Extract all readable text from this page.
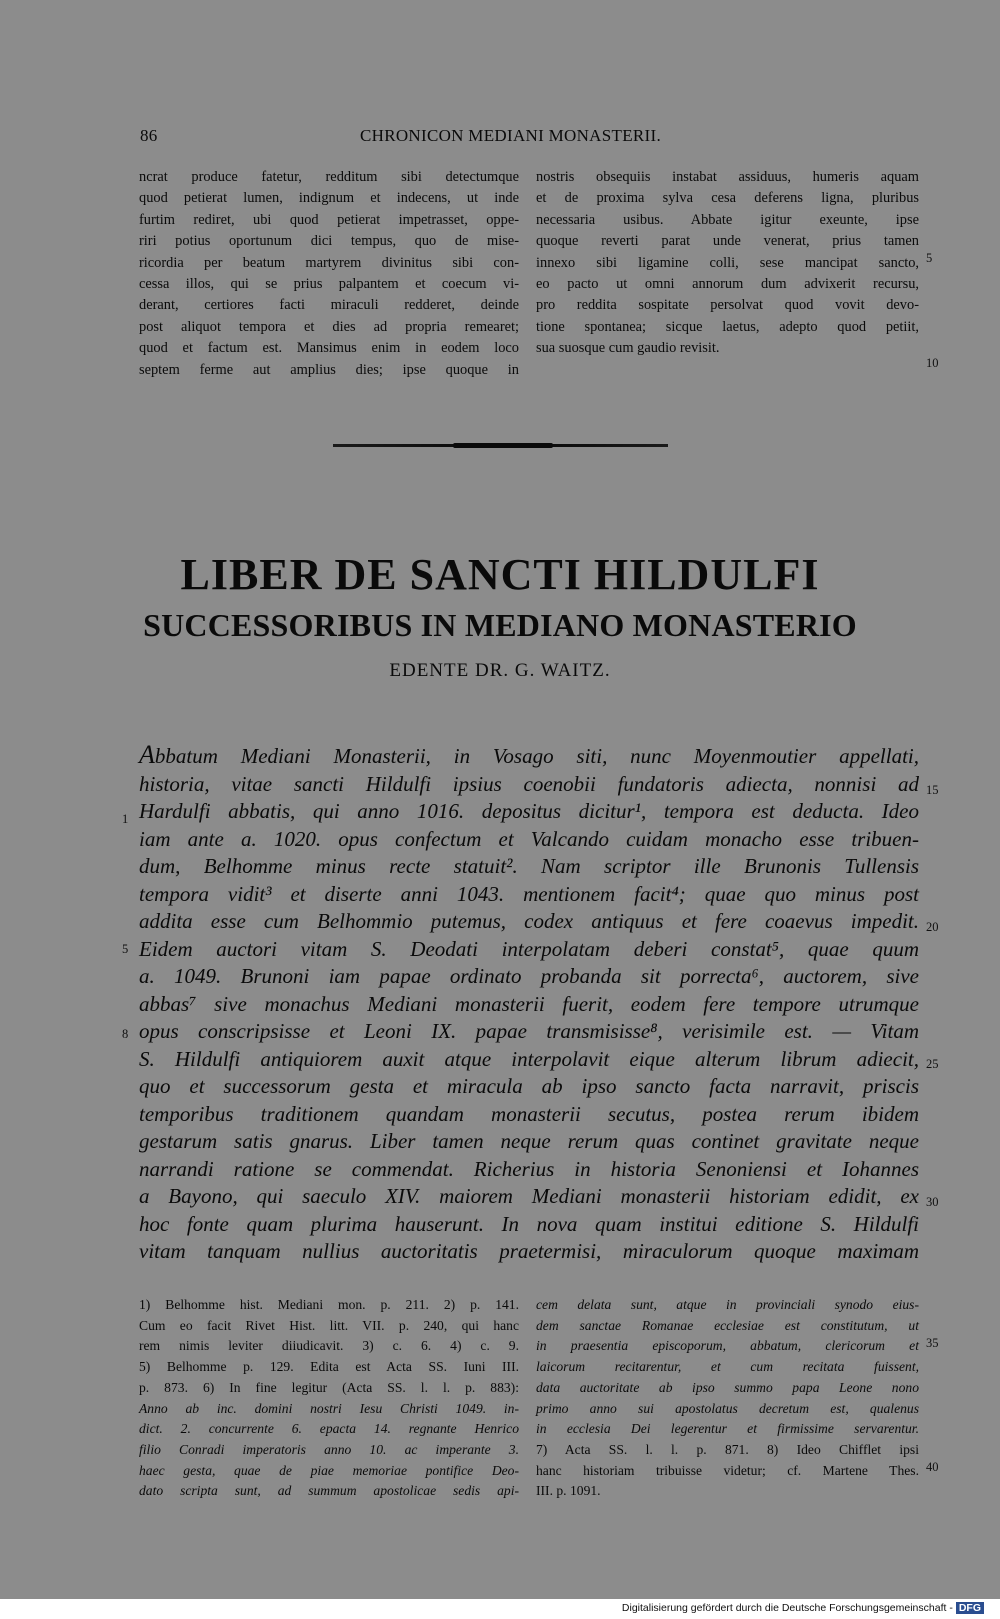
86	CHRONICON MEDIANI MONASTERII.
ncrat produce fatetur, redditum sibi detectumque
quod petierat lumen, indignum et indecens, ut inde
furtim rediret, ubi quod petierat impetrasset, oppe-
riri potius oportunum dici tempus, quo de mise-
ricordia per beatum martyrem divinitus sibi con-
cessa illos, qui se prius palpantem et coecum vi-
derant, certiores facti miraculi redderet, deinde
post aliquot tempora et dies ad propria remearet;
quod et factum est. Mansimus enim in eodem loco
septem ferme aut amplius dies; ipse quoque in
nostris obsequiis instabat assiduus, humeris aquam
et de proxima sylva cesa deferens ligna, pluribus
necessaria usibus. Abbate igitur exeunte, ipse
quoque reverti parat unde venerat, prius tamen
innexo sibi ligamine colli, sese mancipat sancto,
eo pacto ut omni annorum dum advixerit recursu,
pro reddita sospitate persolvat quod vovit devo-
tione spontanea; sicque laetus, adepto quod petiit,
sua suosque cum gaudio revisit.
5
10
LIBER DE SANCTI HILDULFI
SUCCESSORIBUS IN MEDIANO MONASTERIO
EDENTE DR. G. WAITZ.
Abbatum Mediani Monasterii, in Vosago siti, nunc Moyenmoutier appellati,
historia, vitae sancti Hildulfi ipsius coenobii fundatoris adiecta, nonnisi ad
Hardulfi abbatis, qui anno 1016. depositus dicitur¹, tempora est deducta. Ideo
iam ante a. 1020. opus confectum et Valcando cuidam monacho esse tribuen-
dum, Belhomme minus recte statuit². Nam scriptor ille Brunonis Tullensis
tempora vidit³ et diserte anni 1043. mentionem facit⁴; quae quo minus post
addita esse cum Belhommio putemus, codex antiquus et fere coaevus impedit.
Eidem auctori vitam S. Deodati interpolatam deberi constat⁵, quae quum
a. 1049. Brunoni iam papae ordinato probanda sit porrecta⁶, auctorem, sive
abbas⁷ sive monachus Mediani monasterii fuerit, eodem fere tempore utrumque
opus conscripsisse et Leoni IX. papae transmisisse⁸, verisimile est. — Vitam
S. Hildulfi antiquiorem auxit atque interpolavit eique alterum librum adiecit,
quo et successorum gesta et miracula ab ipso sancto facta narravit, priscis
temporibus traditionem quandam monasterii secutus, postea rerum ibidem
gestarum satis gnarus. Liber tamen neque rerum quas continet gravitate neque
narrandi ratione se commendat. Richerius in historia Senoniensi et Iohannes
a Bayono, qui saeculo XIV. maiorem Mediani monasterii historiam edidit, ex
hoc fonte quam plurima hauserunt. In nova quam institui editione S. Hildulfi
vitam tanquam nullius auctoritatis praetermisi, miraculorum quoque maximam
1
5
8
15
20
25
30
1) Belhomme hist. Mediani mon. p. 211. 2) p. 141.
Cum eo facit Rivet Hist. litt. VII. p. 240, qui hanc
rem nimis leviter diiudicavit. 3) c. 6. 4) c. 9.
5) Belhomme p. 129. Edita est Acta SS. Iuni III.
p. 873. 6) In fine legitur (Acta SS. l. l. p. 883):
Anno ab inc. domini nostri Iesu Christi 1049. in-
dict. 2. concurrente 6. epacta 14. regnante Henrico
filio Conradi imperatoris anno 10. ac imperante 3.
haec gesta, quae de piae memoriae pontifice Deo-
dato scripta sunt, ad summum apostolicae sedis api-
cem delata sunt, atque in provinciali synodo eius-
dem sanctae Romanae ecclesiae est constitutum, ut
in praesentia episcoporum, abbatum, clericorum et
laicorum recitarentur, et cum recitata fuissent,
data auctoritate ab ipso summo papa Leone nono
primo anno sui apostolatus decretum est, qualenus
in ecclesia Dei legerentur et firmissime servarentur.
7) Acta SS. l. l. p. 871. 8) Ideo Chifflet ipsi
hanc historiam tribuisse videtur; cf. Martene Thes.
III. p. 1091.
35
40
Digitalisierung gefördert durch die Deutsche Forschungsgemeinschaft - DFG
